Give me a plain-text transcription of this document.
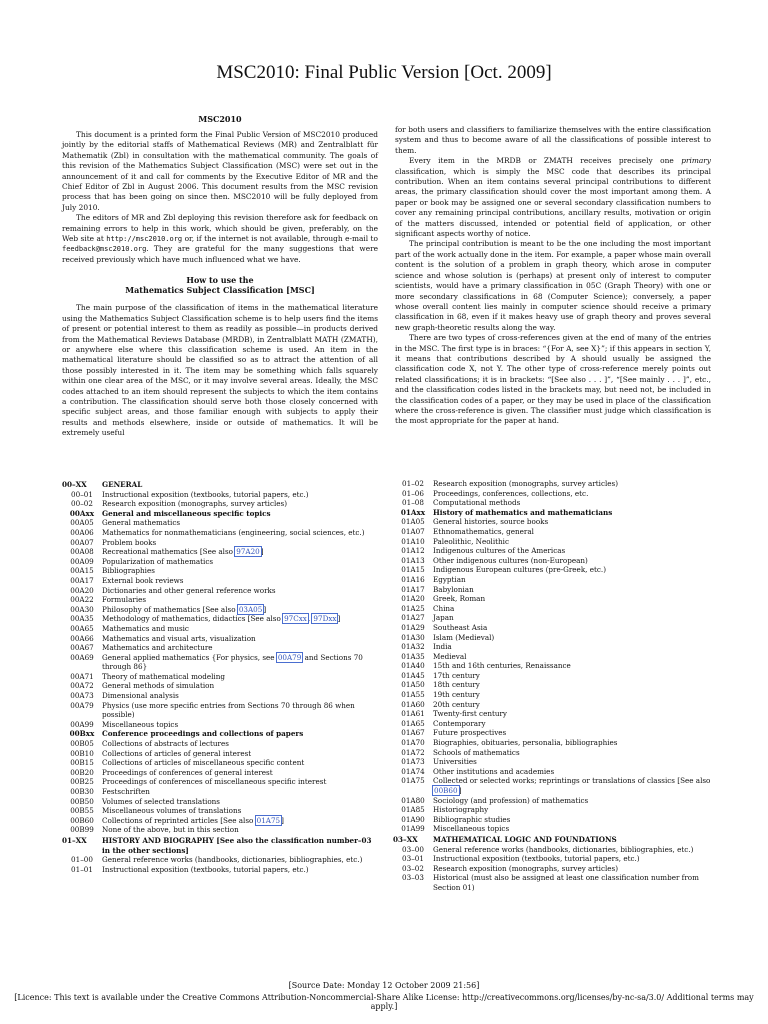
MSC2010: Final Public Version [Oct. 2009]
MSC2010

This document is a printed form the Final Public Version of MSC2010 produced jointly by the editorial staffs of Mathematical Reviews (MR) and Zentralblatt für Mathematik (Zbl) in consultation with the mathematical community. The goals of this revision of the Mathematics Subject Classification (MSC) were set out in the announcement of it and call for comments by the Executive Editor of MR and the Chief Editor of Zbl in August 2006. This document results from the MSC revision process that has been going on since then. MSC2010 will be fully deployed from July 2010.

The editors of MR and Zbl deploying this revision therefore ask for feedback on remaining errors to help in this work, which should be given, preferably, on the Web site at http://msc2010.org or, if the internet is not available, through e-mail to feedback@msc2010.org. They are grateful for the many suggestions that were received previously which have much influenced what we have.

How to use the
Mathematics Subject Classification [MSC]

The main purpose of the classification of items in the mathematical literature using the Mathematics Subject Classification scheme is to help users find the items of present or potential interest to them as readily as possible—in products derived from the Mathematical Reviews Database (MRDB), in Zentralblatt MATH (ZMATH), or anywhere else where this classification scheme is used. An item in the mathematical literature should be classified so as to attract the attention of all those possibly interested in it. The item may be something which falls squarely within one clear area of the MSC, or it may involve several areas. Ideally, the MSC codes attached to an item should represent the subjects to which the item contains a contribution. The classification should serve both those closely concerned with specific subject areas, and those familiar enough with subjects to apply their results and methods elsewhere, inside or outside of mathematics. It will be extremely useful

for both users and classifiers to familiarize themselves with the entire classification system and thus to become aware of all the classifications of possible interest to them.

Every item in the MRDB or ZMATH receives precisely one primary classification, which is simply the MSC code that describes its principal contribution. When an item contains several principal contributions to different areas, the primary classification should cover the most important among them. A paper or book may be assigned one or several secondary classification numbers to cover any remaining principal contributions, ancillary results, motivation or origin of the matters discussed, intended or potential field of application, or other significant aspects worthy of notice.

The principal contribution is meant to be the one including the most important part of the work actually done in the item. For example, a paper whose main overall content is the solution of a problem in graph theory, which arose in computer science and whose solution is (perhaps) at present only of interest to computer scientists, would have a primary classification in 05C (Graph Theory) with one or more secondary classifications in 68 (Computer Science); conversely, a paper whose overall content lies mainly in computer science should receive a primary classification in 68, even if it makes heavy use of graph theory and proves several new graph-theoretic results along the way.

There are two types of cross-references given at the end of many of the entries in the MSC. The first type is in braces: “{For A, see X}”; if this appears in section Y, it means that contributions described by A should usually be assigned the classification code X, not Y. The other type of cross-reference merely points out related classifications; it is in brackets: “[See also . . . ]”, “[See mainly . . . ]”, etc., and the classification codes listed in the brackets may, but need not, be included in the classification codes of a paper, or they may be used in place of the classification where the cross-reference is given. The classifier must judge which classification is the most appropriate for the paper at hand.

00–XX	GENERAL
00–01	Instructional exposition (textbooks, tutorial papers, etc.)
00–02	Research exposition (monographs, survey articles)
00Axx	General and miscellaneous specific topics
00A05	General mathematics
00A06	Mathematics for nonmathematicians (engineering, social sciences, etc.)
00A07	Problem books
00A08	Recreational mathematics [See also 97A20]
00A09	Popularization of mathematics
00A15	Bibliographies
00A17	External book reviews
00A20	Dictionaries and other general reference works
00A22	Formularies
00A30	Philosophy of mathematics [See also 03A05]
00A35	Methodology of mathematics, didactics [See also 97Cxx, 97Dxx]
00A65	Mathematics and music
00A66	Mathematics and visual arts, visualization
00A67	Mathematics and architecture
00A69	General applied mathematics {For physics, see 00A79 and Sections 70 through 86}
00A71	Theory of mathematical modeling
00A72	General methods of simulation
00A73	Dimensional analysis
00A79	Physics (use more specific entries from Sections 70 through 86 when possible)
00A99	Miscellaneous topics
00Bxx	Conference proceedings and collections of papers
00B05	Collections of abstracts of lectures
00B10	Collections of articles of general interest
00B15	Collections of articles of miscellaneous specific content
00B20	Proceedings of conferences of general interest
00B25	Proceedings of conferences of miscellaneous specific interest
00B30	Festschriften
00B50	Volumes of selected translations
00B55	Miscellaneous volumes of translations
00B60	Collections of reprinted articles [See also 01A75]
00B99	None of the above, but in this section
01–XX	HISTORY AND BIOGRAPHY [See also the classification number–03 in the other sections]
01–00	General reference works (handbooks, dictionaries, bibliographies, etc.)
01–01	Instructional exposition (textbooks, tutorial papers, etc.)
01–02	Research exposition (monographs, survey articles)
01–06	Proceedings, conferences, collections, etc.
01–08	Computational methods
01Axx	History of mathematics and mathematicians
01A05	General histories, source books
01A07	Ethnomathematics, general
01A10	Paleolithic, Neolithic
01A12	Indigenous cultures of the Americas
01A13	Other indigenous cultures (non-European)
01A15	Indigenous European cultures (pre-Greek, etc.)
01A16	Egyptian
01A17	Babylonian
01A20	Greek, Roman
01A25	China
01A27	Japan
01A29	Southeast Asia
01A30	Islam (Medieval)
01A32	India
01A35	Medieval
01A40	15th and 16th centuries, Renaissance
01A45	17th century
01A50	18th century
01A55	19th century
01A60	20th century
01A61	Twenty-first century
01A65	Contemporary
01A67	Future prospectives
01A70	Biographies, obituaries, personalia, bibliographies
01A72	Schools of mathematics
01A73	Universities
01A74	Other institutions and academies
01A75	Collected or selected works; reprintings or translations of classics [See also 00B60]
01A80	Sociology (and profession) of mathematics
01A85	Historiography
01A90	Bibliographic studies
01A99	Miscellaneous topics
03–XX	MATHEMATICAL LOGIC AND FOUNDATIONS
03–00	General reference works (handbooks, dictionaries, bibliographies, etc.)
03–01	Instructional exposition (textbooks, tutorial papers, etc.)
03–02	Research exposition (monographs, survey articles)
03–03	Historical (must also be assigned at least one classification number from Section 01)
[Source Date: Monday 12 October 2009 21:56]
[Licence: This text is available under the Creative Commons Attribution-Noncommercial-Share Alike License: http://creativecommons.org/licenses/by-nc-sa/3.0/ Additional terms may apply.]
